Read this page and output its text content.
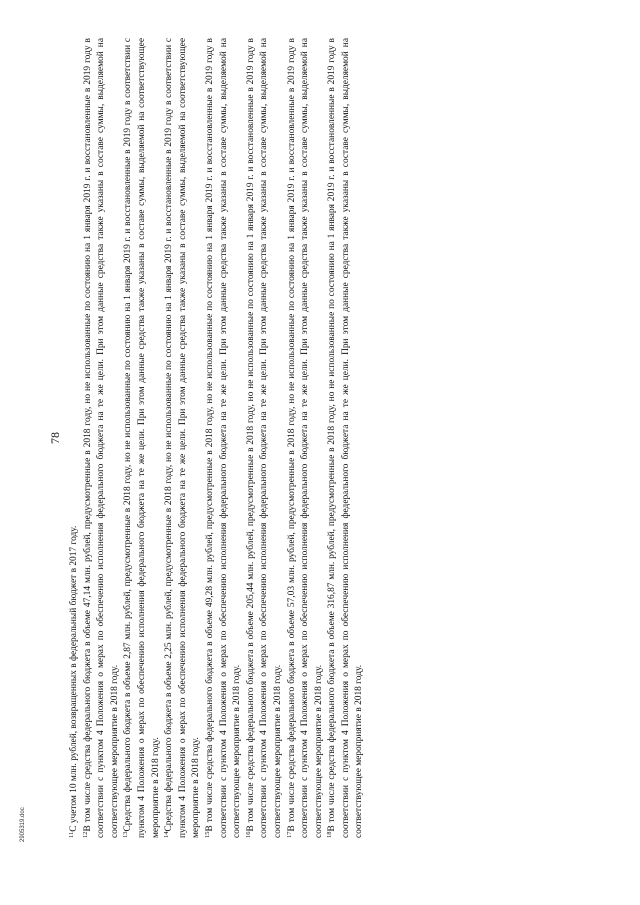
78

$^{11}$С учетом 10 млн. рублей, возвращенных в федеральный бюджет в 2017 году.

$^{12}$В том числе средства федерального бюджета в объеме 47,14 млн. рублей, предусмотренные в 2018 году, но не использованные по состоянию на 1 января 2019 г. и восстановленные в 2019 году в соответствии с пунктом 4 Положения о мерах по обеспечению исполнения федерального бюджета на те же цели. При этом данные средства также указаны в составе суммы, выделяемой на соответствующее мероприятие в 2018 году. $^{13}$Средства федерального бюджета в объеме 2,87 млн. рублей, предусмотренные в 2018 году, но не использованные по состоянию на 1 января 2019 г. и восстановленные в 2019 году в соответствии с пунктом 4 Положения о мерах по обеспечению исполнения федерального бюджета на те же цели. При этом данные средства также указаны в составе суммы, выделяемой на соответствующее мероприятие в 2018 году. $^{14}$Средства федерального бюджета в объеме 2,25 млн. рублей, предусмотренные в 2018 году, но не использованные по состоянию на 1 января 2019 г. и восстановленные в 2019 году в соответствии с пунктом 4 Положения о мерах по обеспечению исполнения федерального бюджета на те же цели. При этом данные средства также указаны в составе суммы, выделяемой на соответствующее мероприятие в 2018 году. $^{15}$В том числе средства федерального бюджета в объеме 49,28 млн. рублей, предусмотренные в 2018 году, но не использованные по состоянию на 1 января 2019 г. и восстановленные в 2019 году в соответствии с пунктом 4 Положения о мерах по обеспечению исполнения федерального бюджета на те же цели. При этом данные средства также указаны в составе суммы, выделяемой на соответствующее мероприятие в 2018 году. $^{16}$В том числе средства федерального бюджета в объеме 205,44 млн. рублей, предусмотренные в 2018 году, но не использованные по состоянию на 1 января 2019 г. и восстановленные в 2019 году в соответствии с пунктом 4 Положения о мерах по обеспечению исполнения федерального бюджета на те же цели. При этом данные средства также указаны в составе суммы, выделяемой на соответствующее мероприятие в 2018 году. $^{17}$В том числе средства федерального бюджета в объеме 57,03 млн. рублей, предусмотренные в 2018 году, но не использованные по состоянию на 1 января 2019 г. и восстановленные в 2019 году в соответствии с пунктом 4 Положения о мерах по обеспечению исполнения федерального бюджета на те же цели. При этом данные средства также указаны в составе суммы, выделяемой на соответствующее мероприятие в 2018 году. $^{18}$В том числе средства федерального бюджета в объеме 316,87 млн. рублей, предусмотренные в 2018 году, но не использованные по состоянию на 1 января 2019 г. и восстановленные в 2019 году в соответствии с пунктом 4 Положения о мерах по обеспечению исполнения федерального бюджета на те же цели. При этом данные средства также указаны в составе суммы, выделяемой на соответствующее мероприятие в 2018 году.

2905319.doc
